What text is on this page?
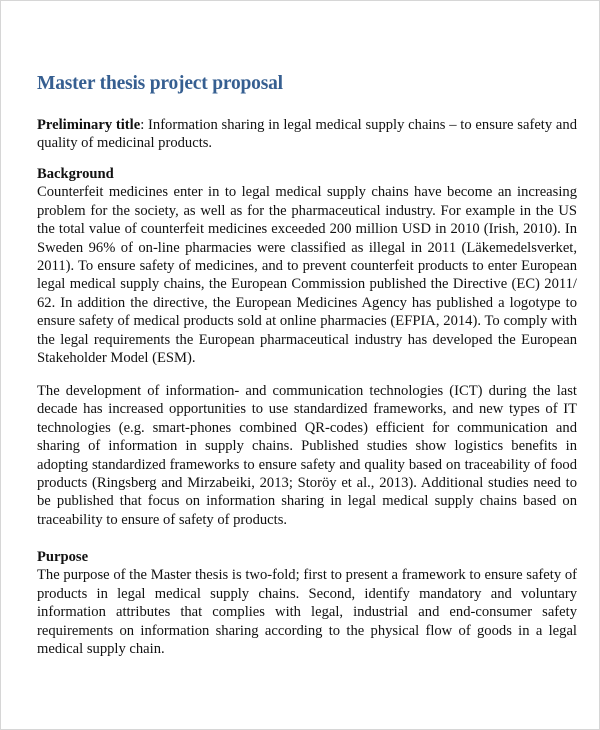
Master thesis project proposal
Preliminary title: Information sharing in legal medical supply chains – to ensure safety and quality of medicinal products.
Background
Counterfeit medicines enter in to legal medical supply chains have become an increasing problem for the society, as well as for the pharmaceutical industry. For example in the US the total value of counterfeit medicines exceeded 200 million USD in 2010 (Irish, 2010). In Sweden 96% of on-line pharmacies were classified as illegal in 2011 (Läkemedelsverket, 2011). To ensure safety of medicines, and to prevent counterfeit products to enter European legal medical supply chains, the European Commission published the Directive (EC) 2011/ 62. In addition the directive, the European Medicines Agency has published a logotype to ensure safety of medical products sold at online pharmacies (EFPIA, 2014). To comply with the legal requirements the European pharmaceutical industry has developed the European Stakeholder Model (ESM).
The development of information- and communication technologies (ICT) during the last decade has increased opportunities to use standardized frameworks, and new types of IT technologies (e.g. smart-phones combined QR-codes) efficient for communication and sharing of information in supply chains. Published studies show logistics benefits in adopting standardized frameworks to ensure safety and quality based on traceability of food products (Ringsberg and Mirzabeiki, 2013; Storöy et al., 2013). Additional studies need to be published that focus on information sharing in legal medical supply chains based on traceability to ensure of safety of products.
Purpose
The purpose of the Master thesis is two-fold; first to present a framework to ensure safety of products in legal medical supply chains. Second, identify mandatory and voluntary information attributes that complies with legal, industrial and end-consumer safety requirements on information sharing according to the physical flow of goods in a legal medical supply chain.
